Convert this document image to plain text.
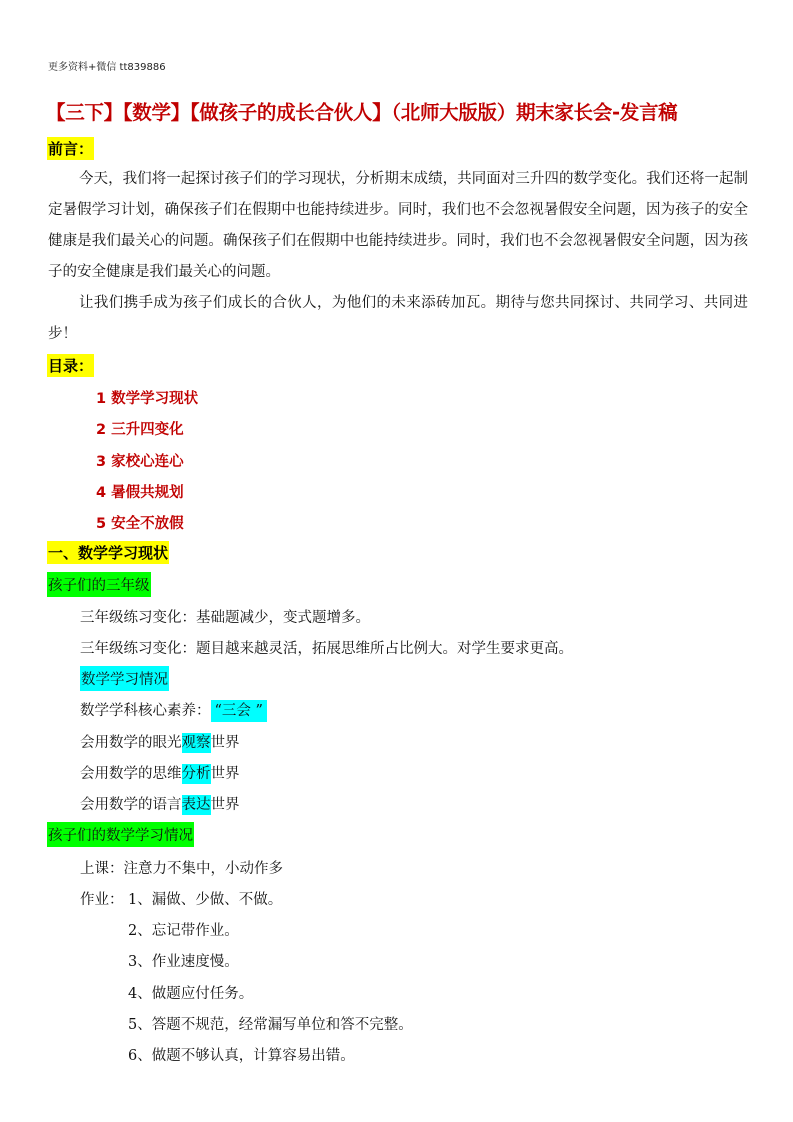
更多资料+微信 tt839886
【三下】【数学】【做孩子的成长合伙人】（北师大版版）期末家长会-发言稿
前言：
今天，我们将一起探讨孩子们的学习现状，分析期末成绩，共同面对三升四的数学变化。我们还将一起制定暑假学习计划，确保孩子们在假期中也能持续进步。同时，我们也不会忽视暑假安全问题，因为孩子的安全健康是我们最关心的问题。确保孩子们在假期中也能持续进步。同时，我们也不会忽视暑假安全问题，因为孩子的安全健康是我们最关心的问题。
让我们携手成为孩子们成长的合伙人，为他们的未来添砖加瓦。期待与您共同探讨、共同学习、共同进步！
目录：
1 数学学习现状
2 三升四变化
3 家校心连心
4 暑假共规划
5 安全不放假
一、数学学习现状
孩子们的三年级
三年级练习变化：基础题减少，变式题增多。
三年级练习变化：题目越来越灵活，拓展思维所占比例大。对学生要求更高。
数学学习情况
数学学科核心素养： “三会 ”
会用数学的眼光观察世界
会用数学的思维分析世界
会用数学的语言表达世界
孩子们的数学学习情况
上课：注意力不集中，小动作多
作业： 1、漏做、少做、不做。
2、忘记带作业。
3、作业速度慢。
4、做题应付任务。
5、答题不规范，经常漏写单位和答不完整。
6、做题不够认真，计算容易出错。
